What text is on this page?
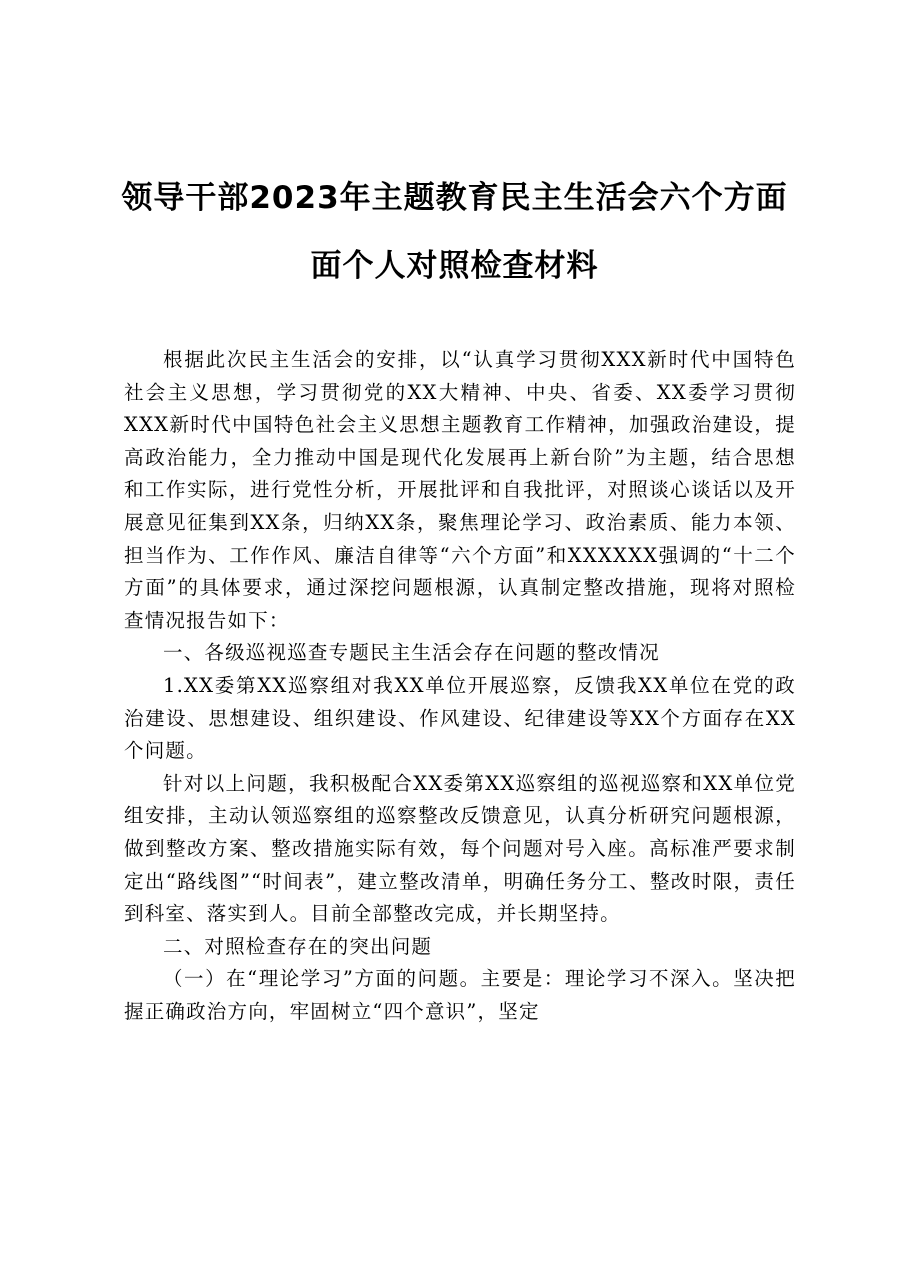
领导干部2023年主题教育民主生活会六个方面
面个人对照检查材料

根据此次民主生活会的安排，以“认真学习贯彻XXX新时代中国特色社会主义思想，学习贯彻党的XX大精神、中央、省委、XX委学习贯彻XXX新时代中国特色社会主义思想主题教育工作精神，加强政治建设，提高政治能力，全力推动中国是现代化发展再上新台阶”为主题，结合思想和工作实际，进行党性分析，开展批评和自我批评，对照谈心谈话以及开展意见征集到XX条，归纳XX条，聚焦理论学习、政治素质、能力本领、担当作为、工作作风、廉洁自律等“六个方面”和XXXXXX强调的“十二个方面”的具体要求，通过深挖问题根源，认真制定整改措施，现将对照检查情况报告如下：

一、各级巡视巡查专题民主生活会存在问题的整改情况

1.XX委第XX巡察组对我XX单位开展巡察，反馈我XX单位在党的政治建设、思想建设、组织建设、作风建设、纪律建设等XX个方面存在XX个问题。

针对以上问题，我积极配合XX委第XX巡察组的巡视巡察和XX单位党组安排，主动认领巡察组的巡察整改反馈意见，认真分析研究问题根源，做到整改方案、整改措施实际有效，每个问题对号入座。高标准严要求制定出“路线图”“时间表”，建立整改清单，明确任务分工、整改时限，责任到科室、落实到人。目前全部整改完成，并长期坚持。

二、对照检查存在的突出问题

（一）在“理论学习”方面的问题。主要是：理论学习不深入。坚决把握正确政治方向，牢固树立“四个意识”，坚定
